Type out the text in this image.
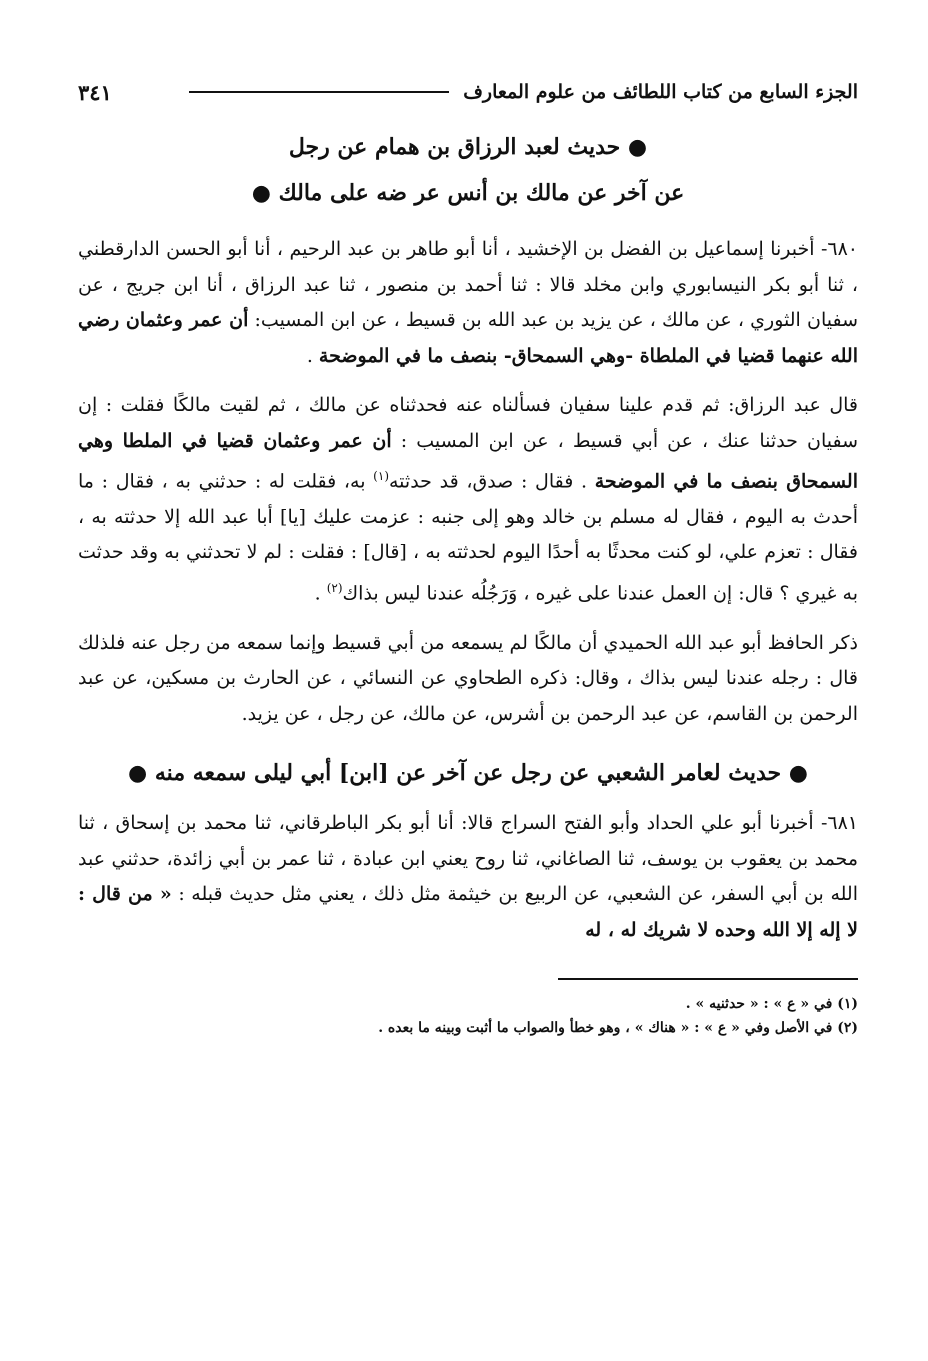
الجزء السابع من كتاب اللطائف من علوم المعارف
٣٤١

● حديث لعبد الرزاق بن همام عن رجل

عن آخر عن مالك بن أنس عر ضه على مالك ●

٦٨٠- أخبرنا إسماعيل بن الفضل بن الإخشيد ، أنا أبو طاهر بن عبد الرحيم ، أنا أبو الحسن الدارقطني ، ثنا أبو بكر النيسابوري وابن مخلد قالا : ثنا أحمد بن منصور ، ثنا عبد الرزاق ، أنا ابن جريج ، عن سفيان الثوري ، عن مالك ، عن يزيد بن عبد الله بن قسيط ، عن ابن المسيب: أن عمر وعثمان رضي الله عنهما قضيا في الملطاة -وهي السمحاق- بنصف ما في الموضحة .

قال عبد الرزاق: ثم قدم علينا سفيان فسألناه عنه فحدثناه عن مالك ، ثم لقيت مالكًا فقلت : إن سفيان حدثنا عنك ، عن أبي قسيط ، عن ابن المسيب : أن عمر وعثمان قضيا في الملطا وهي السمحاق بنصف ما في الموضحة . فقال : صدق، قد حدثته$^{(١)}$ به، فقلت له : حدثني به ، فقال : ما أحدث به اليوم ، فقال له مسلم بن خالد وهو إلى جنبه : عزمت عليك [يا] أبا عبد الله إلا حدثته به ، فقال : تعزم علي، لو كنت محدثًا به أحدًا اليوم لحدثته به ، [قال] : فقلت : لم لا تحدثني به وقد حدثت به غيري ؟ قال: إن العمل عندنا على غيره ، وَرَجُلُه عندنا ليس بذاك$^{(٢)}$ .

ذكر الحافظ أبو عبد الله الحميدي أن مالكًا لم يسمعه من أبي قسيط وإنما سمعه من رجل عنه فلذلك قال : رجله عندنا ليس بذاك ، وقال: ذكره الطحاوي عن النسائي ، عن الحارث بن مسكين، عن عبد الرحمن بن القاسم، عن عبد الرحمن بن أشرس، عن مالك، عن رجل ، عن يزيد.

● حديث لعامر الشعبي عن رجل عن آخر عن [ابن] أبي ليلى سمعه منه ●

٦٨١- أخبرنا أبو علي الحداد وأبو الفتح السراج قالا: أنا أبو بكر الباطرقاني، ثنا محمد بن إسحاق ، ثنا محمد بن يعقوب بن يوسف، ثنا الصاغاني، ثنا روح يعني ابن عبادة ، ثنا عمر بن أبي زائدة، حدثني عبد الله بن أبي السفر، عن الشعبي، عن الربيع بن خيثمة مثل ذلك ، يعني مثل حديث قبله : « من قال : لا إله إلا الله وحده لا شريك له ، له

(١) في « ع » : « حدثنيه » .

(٢) في الأصل وفي « ع » : « هناك » ، وهو خطأ والصواب ما أثبت وبينه ما بعده .
